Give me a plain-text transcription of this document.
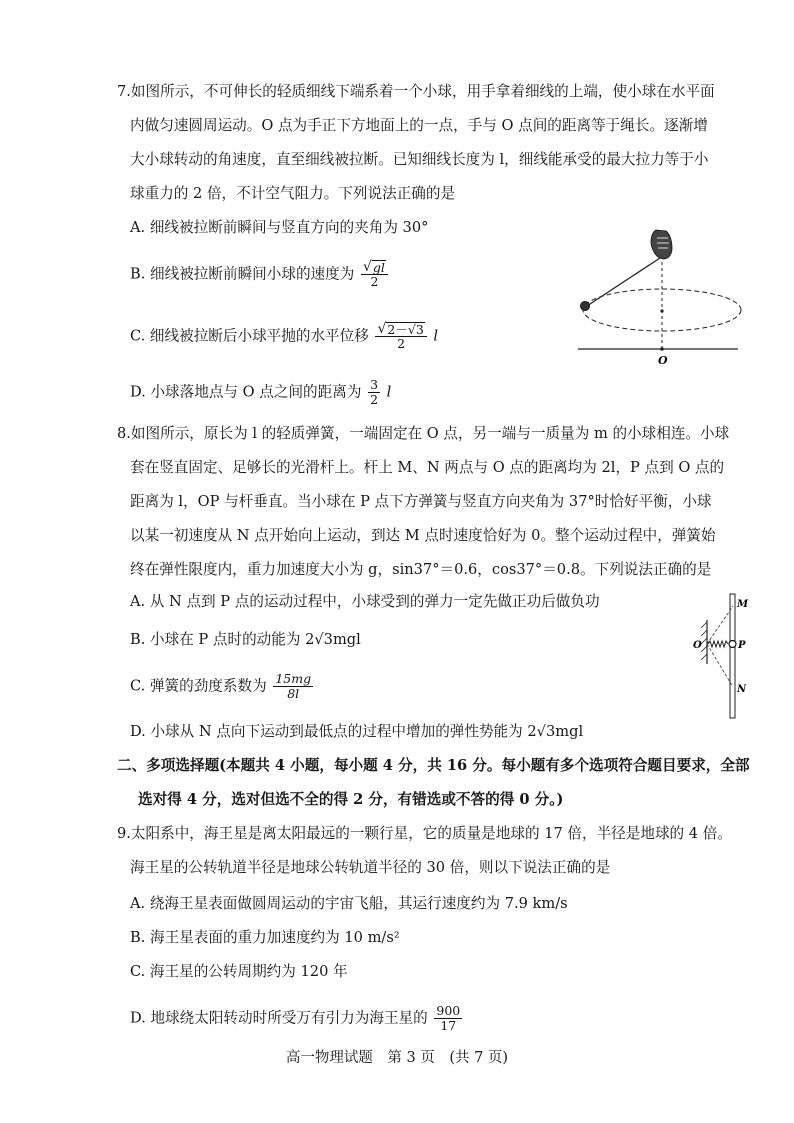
7.如图所示，不可伸长的轻质细线下端系着一个小球，用手拿着细线的上端，使小球在水平面
内做匀速圆周运动。O 点为手正下方地面上的一点，手与 O 点间的距离等于绳长。逐渐增
大小球转动的角速度，直至细线被拉断。已知细线长度为 l，细线能承受的最大拉力等于小
球重力的 2 倍，不计空气阻力。下列说法正确的是
A. 细线被拉断前瞬间与竖直方向的夹角为 30°
B. 细线被拉断前瞬间小球的速度为 $\frac{√ gl}{2}$
C. 细线被拉断后小球平抛的水平位移 $\frac{√ 2-√3}{2}$ l
D. 小球落地点与 O 点之间的距离为 $\frac{3}{2}$ l
O
8.如图所示，原长为 l 的轻质弹簧，一端固定在 O 点，另一端与一质量为 m 的小球相连。小球
套在竖直固定、足够长的光滑杆上。杆上 M、N 两点与 O 点的距离均为 2l，P 点到 O 点的
距离为 l，OP 与杆垂直。当小球在 P 点下方弹簧与竖直方向夹角为 37°时恰好平衡，小球
以某一初速度从 N 点开始向上运动，到达 M 点时速度恰好为 0。整个运动过程中，弹簧始
终在弹性限度内，重力加速度大小为 g，sin37°＝0.6，cos37°＝0.8。下列说法正确的是
A. 从 N 点到 P 点的运动过程中，小球受到的弹力一定先做正功后做负功
B. 小球在 P 点时的动能为 2√3mgl
C. 弹簧的劲度系数为 $\frac{15mg}{8l}$
D. 小球从 N 点向下运动到最低点的过程中增加的弹性势能为 2√3mgl
M
P
N
O
二、多项选择题(本题共 4 小题，每小题 4 分，共 16 分。每小题有多个选项符合题目要求，全部
选对得 4 分，选对但选不全的得 2 分，有错选或不答的得 0 分。)
9.太阳系中，海王星是离太阳最远的一颗行星，它的质量是地球的 17 倍，半径是地球的 4 倍。
海王星的公转轨道半径是地球公转轨道半径的 30 倍，则以下说法正确的是
A. 绕海王星表面做圆周运动的宇宙飞船，其运行速度约为 7.9 km/s
B. 海王星表面的重力加速度约为 10 m/s²
C. 海王星的公转周期约为 120 年
D. 地球绕太阳转动时所受万有引力为海王星的 $\frac{900}{17}$
高一物理试题　第 3 页　(共 7 页)
